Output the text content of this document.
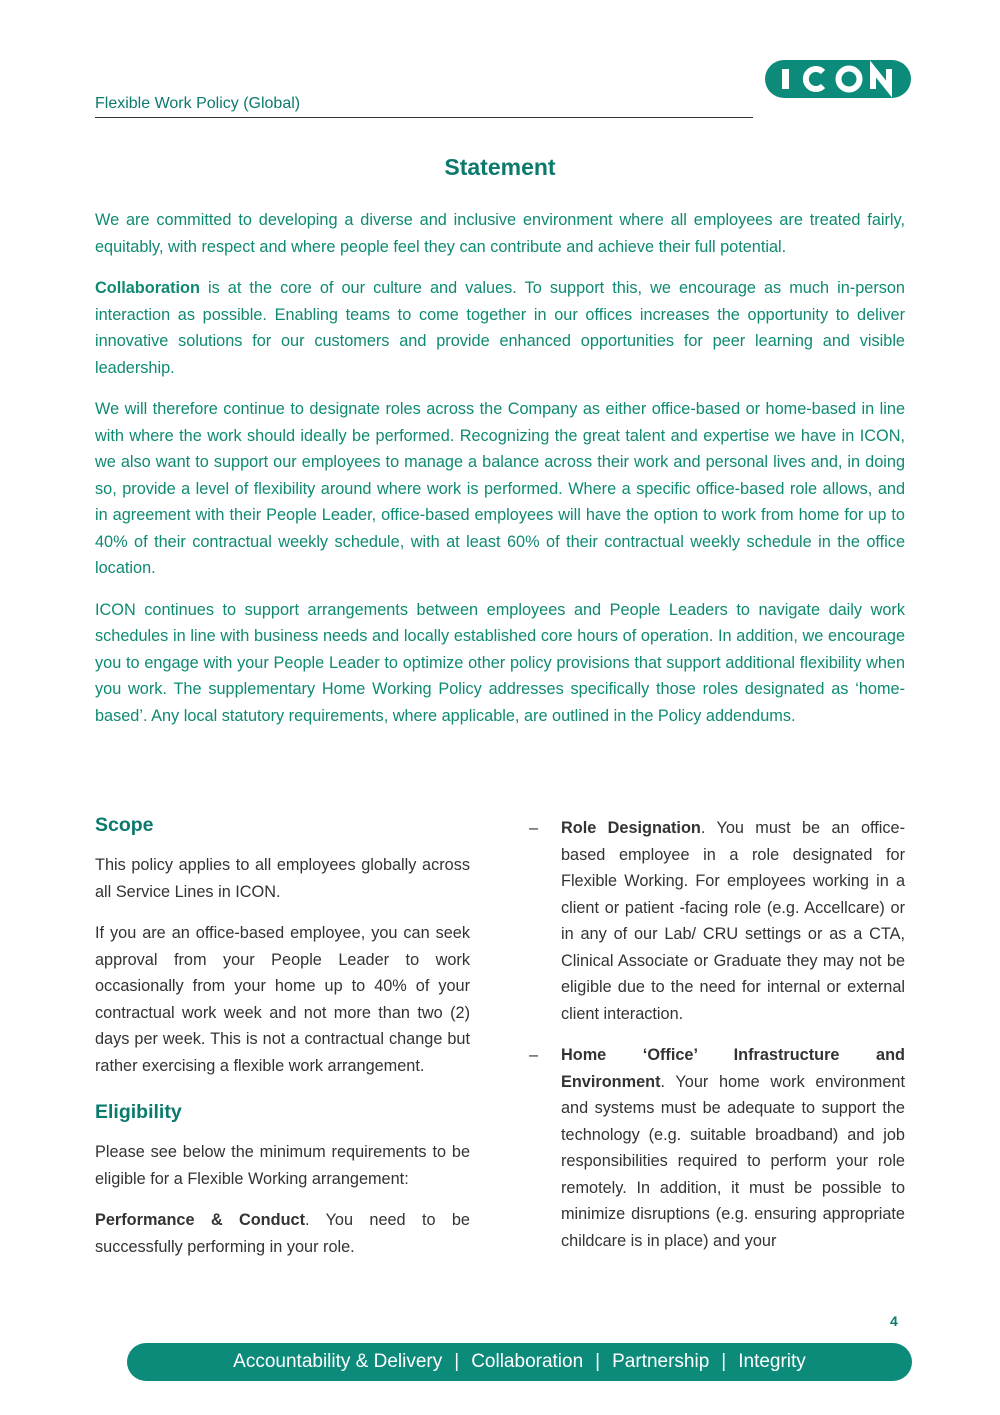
Flexible Work Policy (Global)
Statement

We are committed to developing a diverse and inclusive environment where all employees are treated fairly, equitably, with respect and where people feel they can contribute and achieve their full potential.

Collaboration is at the core of our culture and values. To support this, we encourage as much in-person interaction as possible. Enabling teams to come together in our offices increases the opportunity to deliver innovative solutions for our customers and provide enhanced opportunities for peer learning and visible leadership.

We will therefore continue to designate roles across the Company as either office-based or home-based in line with where the work should ideally be performed. Recognizing the great talent and expertise we have in ICON, we also want to support our employees to manage a balance across their work and personal lives and, in doing so, provide a level of flexibility around where work is performed. Where a specific office-based role allows, and in agreement with their People Leader, office-based employees will have the option to work from home for up to 40% of their contractual weekly schedule, with at least 60% of their contractual weekly schedule in the office location.

ICON continues to support arrangements between employees and People Leaders to navigate daily work schedules in line with business needs and locally established core hours of operation. In addition, we encourage you to engage with your People Leader to optimize other policy provisions that support additional flexibility when you work. The supplementary Home Working Policy addresses specifically those roles designated as ‘home-based’. Any local statutory requirements, where applicable, are outlined in the Policy addendums.

Scope

This policy applies to all employees globally across all Service Lines in ICON.

If you are an office-based employee, you can seek approval from your People Leader to work occasionally from your home up to 40% of your contractual work week and not more than two (2) days per week. This is not a contractual change but rather exercising a flexible work arrangement.

Eligibility

Please see below the minimum requirements to be eligible for a Flexible Working arrangement:

Performance & Conduct. You need to be successfully performing in your role.

– Role Designation. You must be an office-based employee in a role designated for Flexible Working. For employees working in a client or patient -facing role (e.g. Accellcare) or in any of our Lab/ CRU settings or as a CTA, Clinical Associate or Graduate they may not be eligible due to the need for internal or external client interaction.
– Home ‘Office’ Infrastructure and Environment. Your home work environment and systems must be adequate to support the technology (e.g. suitable broadband) and job responsibilities required to perform your role remotely. In addition, it must be possible to minimize disruptions (e.g. ensuring appropriate childcare is in place) and your
4
Accountability & Delivery | Collaboration | Partnership | Integrity
